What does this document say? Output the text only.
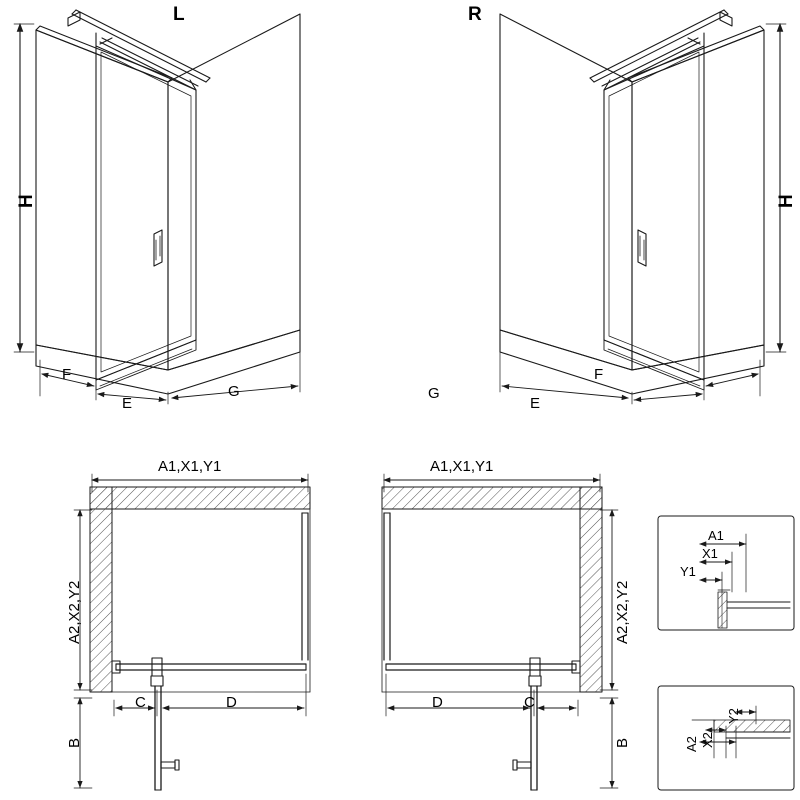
L	R
H	H
F
E
G	G
E
F
A1,X1,Y1
A2,X2,Y2
C	D
B
A1,X1,Y1
A2,X2,Y2
D	C
B
A1
X1
Y1
A2 X2
Y2
